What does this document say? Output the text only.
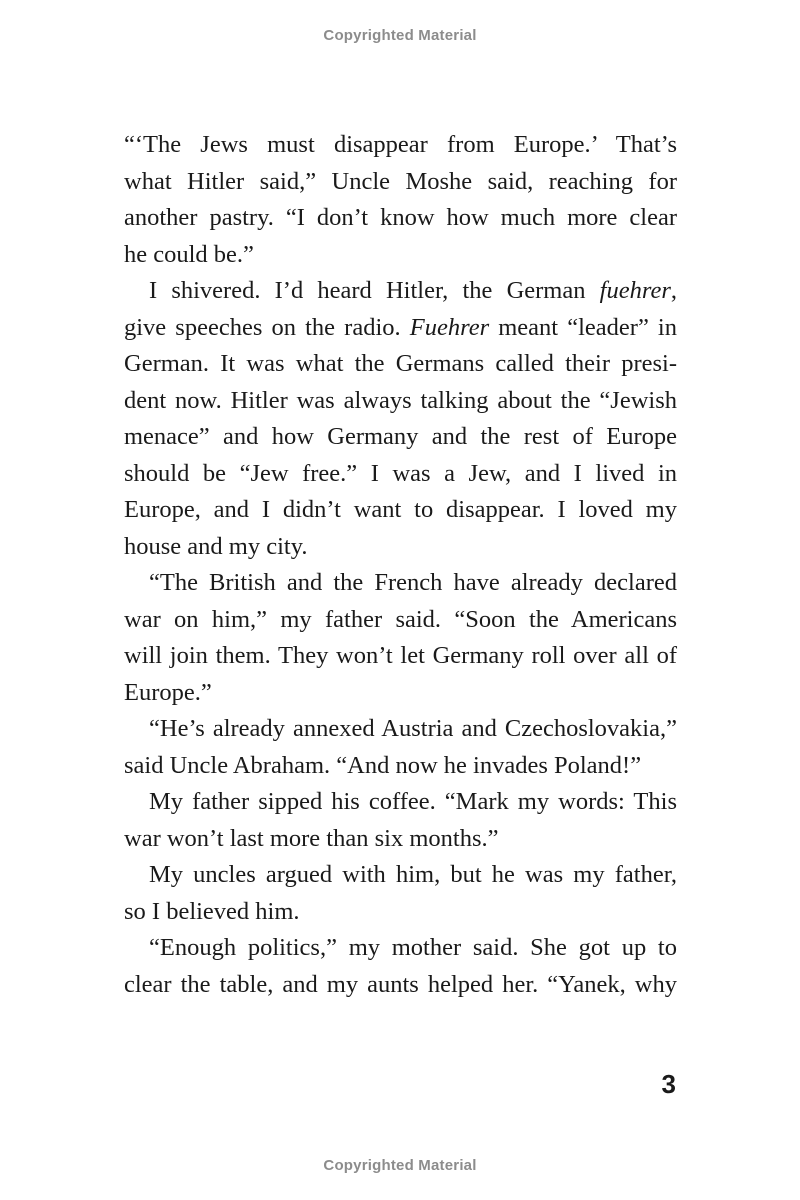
Copyrighted Material
“‘The Jews must disappear from Europe.’ That’s
what Hitler said,” Uncle Moshe said, reaching for
another pastry. “I don’t know how much more clear
he could be.”
I shivered. I’d heard Hitler, the German fuehrer,
give speeches on the radio. Fuehrer meant “leader” in
German. It was what the Germans called their presi-
dent now. Hitler was always talking about the “Jewish
menace” and how Germany and the rest of Europe
should be “Jew free.” I was a Jew, and I lived in
Europe, and I didn’t want to disappear. I loved my
house and my city.
“The British and the French have already declared
war on him,” my father said. “Soon the Americans
will join them. They won’t let Germany roll over all of
Europe.”
“He’s already annexed Austria and Czechoslovakia,”
said Uncle Abraham. “And now he invades Poland!”
My father sipped his coffee. “Mark my words: This
war won’t last more than six months.”
My uncles argued with him, but he was my father,
so I believed him.
“Enough politics,” my mother said. She got up to
clear the table, and my aunts helped her. “Yanek, why
3
Copyrighted Material
